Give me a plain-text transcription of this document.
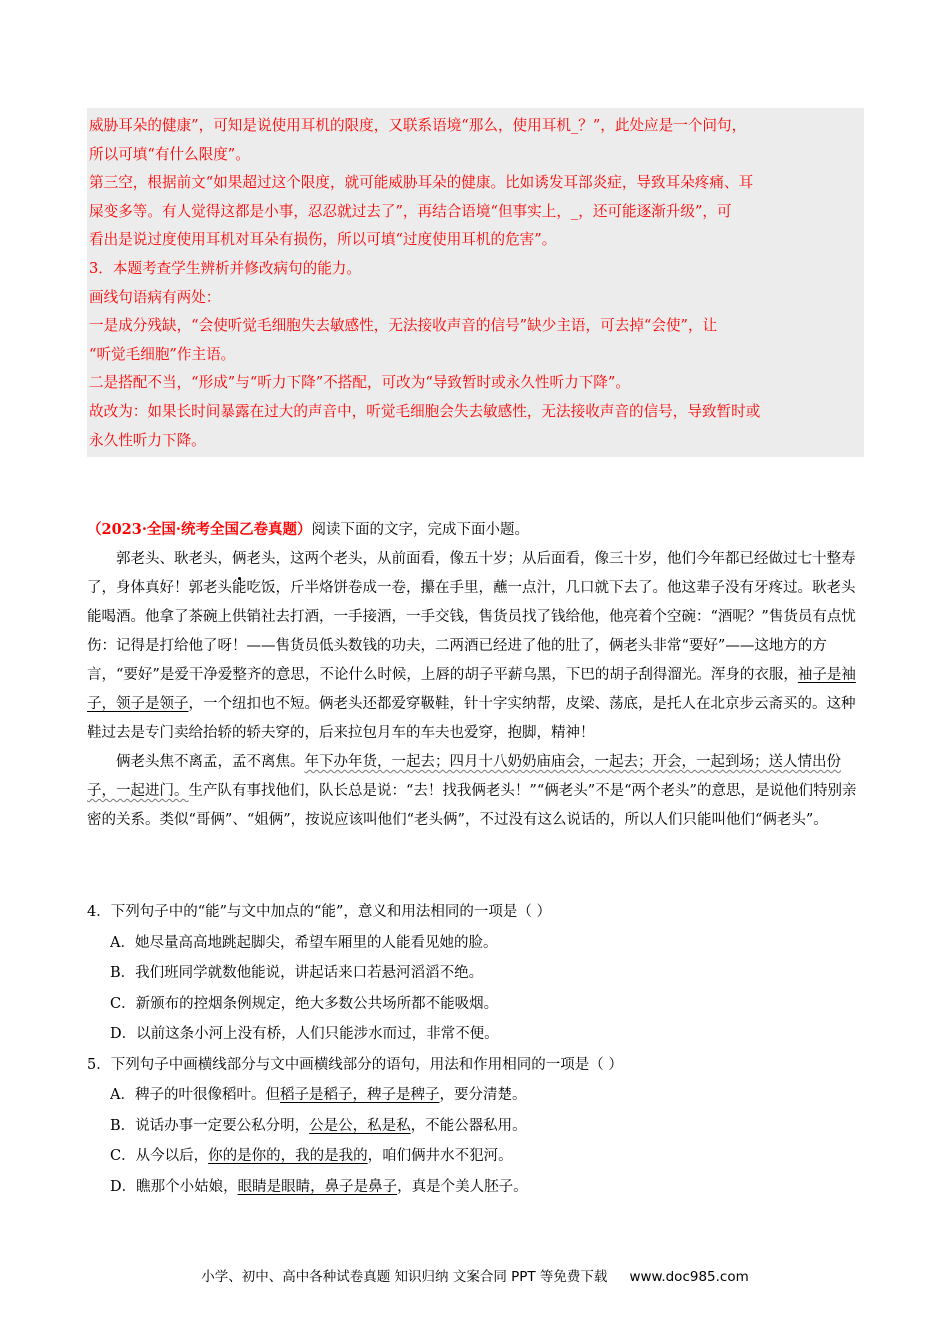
威胁耳朵的健康”，可知是说使用耳机的限度，又联系语境“那么，使用耳机_？”，此处应是一个问句，

所以可填“有什么限度”。

第三空，根据前文“如果超过这个限度，就可能威胁耳朵的健康。比如诱发耳部炎症，导致耳朵疼痛、耳

屎变多等。有人觉得这都是小事，忍忍就过去了”，再结合语境“但事实上，_，还可能逐渐升级”，可

看出是说过度使用耳机对耳朵有损伤，所以可填“过度使用耳机的危害”。

3．本题考查学生辨析并修改病句的能力。

画线句语病有两处：

一是成分残缺，“会使听觉毛细胞失去敏感性，无法接收声音的信号”缺少主语，可去掉“会使”，让

“听觉毛细胞”作主语。

二是搭配不当，“形成”与“听力下降”不搭配，可改为“导致暂时或永久性听力下降”。

故改为：如果长时间暴露在过大的声音中，听觉毛细胞会失去敏感性，无法接收声音的信号，导致暂时或

永久性听力下降。

（2023·全国·统考全国乙卷真题）阅读下面的文字，完成下面小题。

郭老头、耿老头，俩老头，这两个老头，从前面看，像五十岁；从后面看，像三十岁，他们今年都已经做过七十整寿了，身体真好！郭老头能吃饭，斤半烙饼卷成一卷，攥在手里，蘸一点汁，几口就下去了。他这辈子没有牙疼过。耿老头能喝酒。他拿了茶碗上供销社去打酒，一手接酒，一手交钱，售货员找了钱给他，他亮着个空碗：“酒呢？”售货员有点忧伤：记得是打给他了呀！——售货员低头数钱的功夫，二两酒已经进了他的肚了，俩老头非常“要好”——这地方的方言，“要好”是爱干净爱整齐的意思，不论什么时候，上唇的胡子平薪乌黑，下巴的胡子刮得溜光。浑身的衣服，袖子是袖子，领子是领子，一个纽扣也不短。俩老头还都爱穿靸鞋，针十字实纳帮，皮梁、荡底，是托人在北京步云斋买的。这种鞋过去是专门卖给抬轿的轿夫穿的，后来拉包月车的车夫也爱穿，抱脚，精神！

俩老头焦不离孟，孟不离焦。年下办年货，一起去；四月十八奶奶庙庙会，一起去；开会，一起到场；送人情出份子，一起进门。生产队有事找他们，队长总是说：“去！找我俩老头！”“俩老头”不是“两个老头”的意思，是说他们特别亲密的关系。类似“哥俩”、“姐俩”，按说应该叫他们“老头俩”，不过没有这么说话的，所以人们只能叫他们“俩老头”。

4．下列句子中的“能”与文中加点的“能”，意义和用法相同的一项是（ ）

A．她尽量高高地跳起脚尖，希望车厢里的人能看见她的脸。

B．我们班同学就数他能说，讲起话来口若悬河滔滔不绝。

C．新颁布的控烟条例规定，绝大多数公共场所都不能吸烟。

D．以前这条小河上没有桥，人们只能涉水而过，非常不便。

5．下列句子中画横线部分与文中画横线部分的语句，用法和作用相同的一项是（ ）

A．稗子的叶很像稻叶。但稻子是稻子，稗子是稗子，要分清楚。

B．说话办事一定要公私分明，公是公，私是私，不能公器私用。

C．从今以后，你的是你的，我的是我的，咱们俩井水不犯河。

D．瞧那个小姑娘，眼睛是眼睛，鼻子是鼻子，真是个美人胚子。

小学、初中、高中各种试卷真题 知识归纳 文案合同 PPT 等免费下载 www.doc985.com
